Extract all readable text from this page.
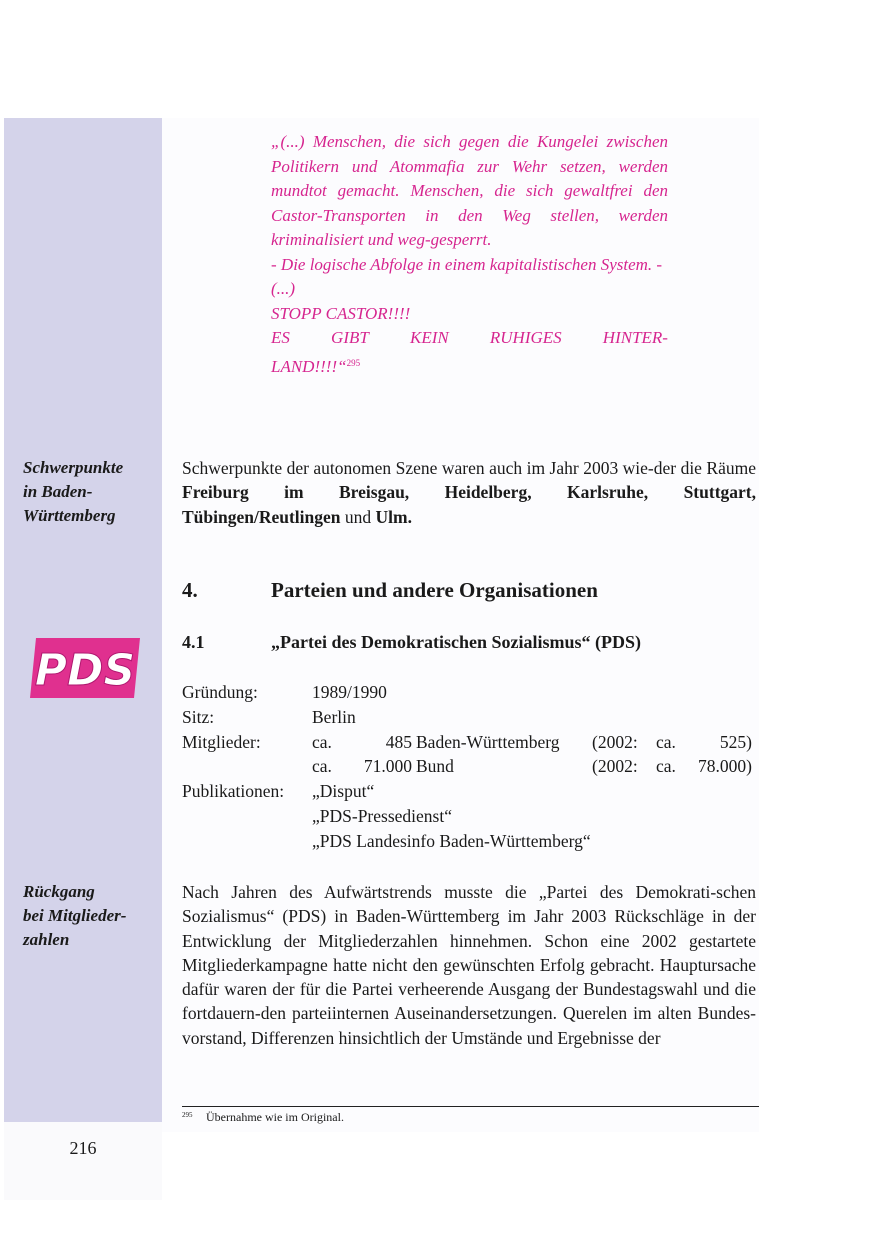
„(...) Menschen, die sich gegen die Kungelei zwischen Politikern und Atommafia zur Wehr setzen, werden mundtot gemacht. Menschen, die sich gewaltfrei den Castor-Transporten in den Weg stellen, werden kriminalisiert und weg-gesperrt.

- Die logische Abfolge in einem kapitalistischen System. -

(...)

STOPP CASTOR!!!!

ES GIBT KEIN RUHIGES HINTER-

LAND!!!!“$^{295}$

Schwerpunkte
in Baden-
Württemberg

Schwerpunkte der autonomen Szene waren auch im Jahr 2003 wie-der die Räume Freiburg im Breisgau, Heidelberg, Karlsruhe, Stuttgart, Tübingen/Reutlingen und Ulm.

4.	Parteien und andere Organisationen
PDS
4.1	„Partei des Demokratischen Sozialismus“ (PDS)
Gründung:	1989/1990
Sitz:	Berlin
Mitglieder:	ca.	485 Baden-Württemberg	(2002:	ca.	525)
ca.	71.000 Bund	(2002:	ca.	78.000)
Publikationen:	„Disput“
„PDS-Pressedienst“
„PDS Landesinfo Baden-Württemberg“

Rückgang
bei Mitglieder-
zahlen

Nach Jahren des Aufwärtstrends musste die „Partei des Demokrati-schen Sozialismus“ (PDS) in Baden-Württemberg im Jahr 2003 Rückschläge in der Entwicklung der Mitgliederzahlen hinnehmen. Schon eine 2002 gestartete Mitgliederkampagne hatte nicht den gewünschten Erfolg gebracht. Hauptursache dafür waren der für die Partei verheerende Ausgang der Bundestagswahl und die fortdauern-den parteiinternen Auseinandersetzungen. Querelen im alten Bundes-vorstand, Differenzen hinsichtlich der Umstände und Ergebnisse der

295 Übernahme wie im Original.
216
